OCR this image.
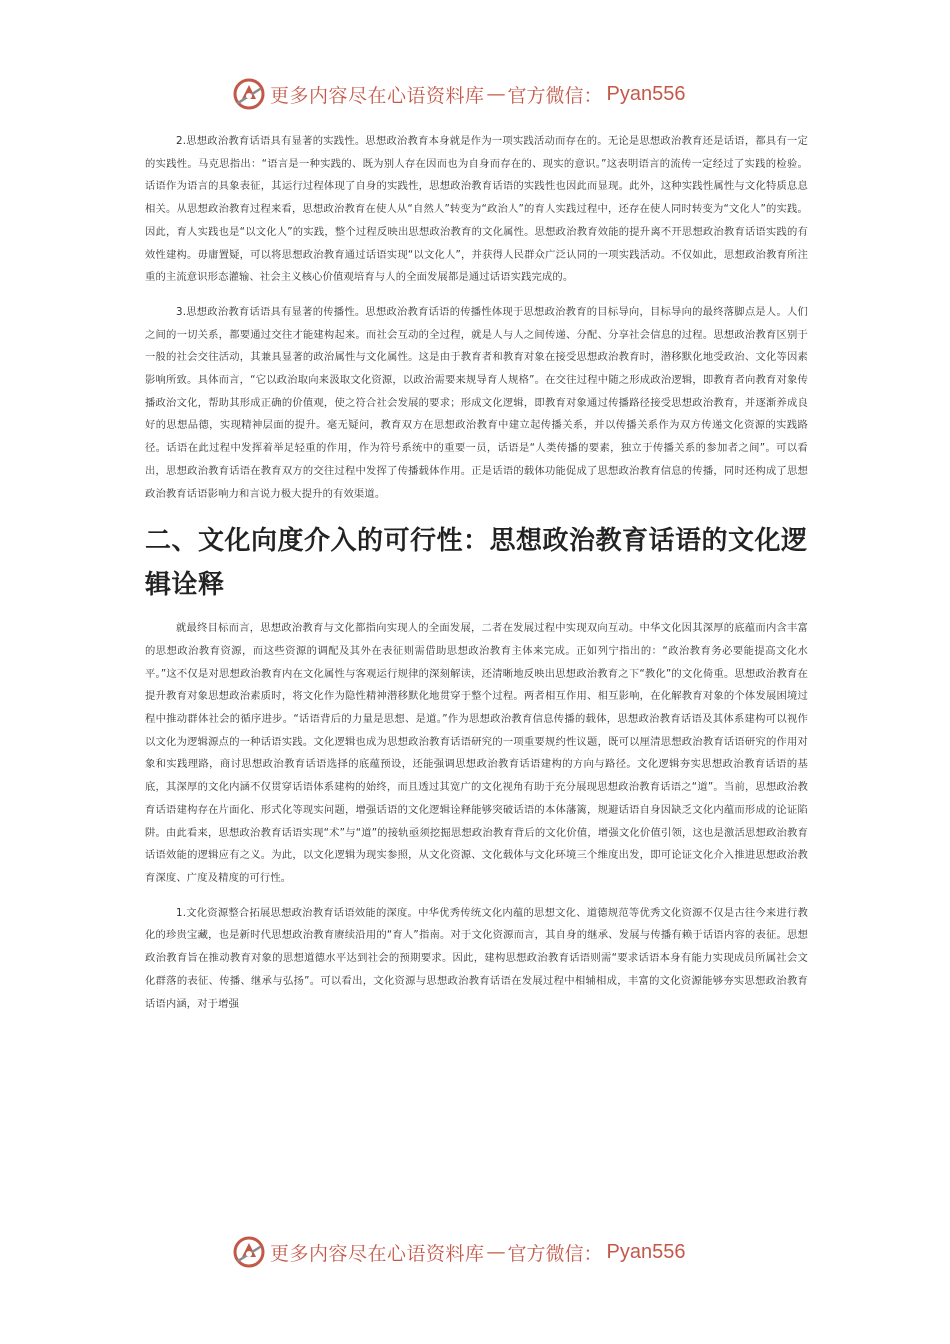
更多内容尽在心语资料库 — 官方微信： Pyan556

2.思想政治教育话语具有显著的实践性。思想政治教育本身就是作为一项实践活动而存在的。无论是思想政治教育还是话语，都具有一定的实践性。马克思指出：“语言是一种实践的、既为别人存在因而也为自身而存在的、现实的意识。”这表明语言的流传一定经过了实践的检验。话语作为语言的具象表征，其运行过程体现了自身的实践性，思想政治教育话语的实践性也因此而显现。此外，这种实践性属性与文化特质息息相关。从思想政治教育过程来看，思想政治教育在使人从“自然人”转变为“政治人”的育人实践过程中，还存在使人同时转变为“文化人”的实践。因此，育人实践也是“以文化人”的实践，整个过程反映出思想政治教育的文化属性。思想政治教育效能的提升离不开思想政治教育话语实践的有效性建构。毋庸置疑，可以将思想政治教育通过话语实现“以文化人”，并获得人民群众广泛认同的一项实践活动。不仅如此，思想政治教育所注重的主流意识形态灌输、社会主义核心价值观培育与人的全面发展都是通过话语实践完成的。

3.思想政治教育话语具有显著的传播性。思想政治教育话语的传播性体现于思想政治教育的目标导向，目标导向的最终落脚点是人。人们之间的一切关系，都要通过交往才能建构起来。而社会互动的全过程，就是人与人之间传递、分配、分享社会信息的过程。思想政治教育区别于一般的社会交往活动，其兼具显著的政治属性与文化属性。这是由于教育者和教育对象在接受思想政治教育时，潜移默化地受政治、文化等因素影响所致。具体而言，“它以政治取向来汲取文化资源，以政治需要来规导育人规格”。在交往过程中随之形成政治逻辑，即教育者向教育对象传播政治文化，帮助其形成正确的价值观，使之符合社会发展的要求；形成文化逻辑，即教育对象通过传播路径接受思想政治教育，并逐渐养成良好的思想品德，实现精神层面的提升。毫无疑问，教育双方在思想政治教育中建立起传播关系，并以传播关系作为双方传递文化资源的实践路径。话语在此过程中发挥着举足轻重的作用，作为符号系统中的重要一员，话语是“人类传播的要素，独立于传播关系的参加者之间”。可以看出，思想政治教育话语在教育双方的交往过程中发挥了传播载体作用。正是话语的载体功能促成了思想政治教育信息的传播，同时还构成了思想政治教育话语影响力和言说力极大提升的有效渠道。

二、文化向度介入的可行性：思想政治教育话语的文化逻辑诠释

就最终目标而言，思想政治教育与文化都指向实现人的全面发展，二者在发展过程中实现双向互动。中华文化因其深厚的底蕴而内含丰富的思想政治教育资源，而这些资源的调配及其外在表征则需借助思想政治教育主体来完成。正如列宁指出的：“政治教育务必要能提高文化水平。”这不仅是对思想政治教育内在文化属性与客观运行规律的深刻解读，还清晰地反映出思想政治教育之下“教化”的文化倚重。思想政治教育在提升教育对象思想政治素质时，将文化作为隐性精神潜移默化地贯穿于整个过程。两者相互作用、相互影响，在化解教育对象的个体发展困境过程中推动群体社会的循序进步。“话语背后的力量是思想、是道。”作为思想政治教育信息传播的载体，思想政治教育话语及其体系建构可以视作以文化为逻辑源点的一种话语实践。文化逻辑也成为思想政治教育话语研究的一项重要规约性议题，既可以厘清思想政治教育话语研究的作用对象和实践理路，商讨思想政治教育话语选择的底蕴预设，还能强调思想政治教育话语建构的方向与路径。文化逻辑夯实思想政治教育话语的基底，其深厚的文化内涵不仅贯穿话语体系建构的始终，而且透过其宽广的文化视角有助于充分展现思想政治教育话语之“道”。当前，思想政治教育话语建构存在片面化、形式化等现实问题，增强话语的文化逻辑诠释能够突破话语的本体藩篱，规避话语自身因缺乏文化内蕴而形成的论证陷阱。由此看来，思想政治教育话语实现“术”与“道”的接轨亟须挖掘思想政治教育背后的文化价值，增强文化价值引领，这也是激活思想政治教育话语效能的逻辑应有之义。为此，以文化逻辑为现实参照，从文化资源、文化载体与文化环境三个维度出发，即可论证文化介入推进思想政治教育深度、广度及精度的可行性。

1.文化资源整合拓展思想政治教育话语效能的深度。中华优秀传统文化内蕴的思想文化、道德规范等优秀文化资源不仅是古往今来进行教化的珍贵宝藏，也是新时代思想政治教育赓续沿用的“育人”指南。对于文化资源而言，其自身的继承、发展与传播有赖于话语内容的表征。思想政治教育旨在推动教育对象的思想道德水平达到社会的预期要求。因此，建构思想政治教育话语则需“要求话语本身有能力实现成员所属社会文化群落的表征、传播、继承与弘扬”。可以看出，文化资源与思想政治教育话语在发展过程中相辅相成，丰富的文化资源能够夯实思想政治教育话语内涵，对于增强

更多内容尽在心语资料库 — 官方微信： Pyan556
